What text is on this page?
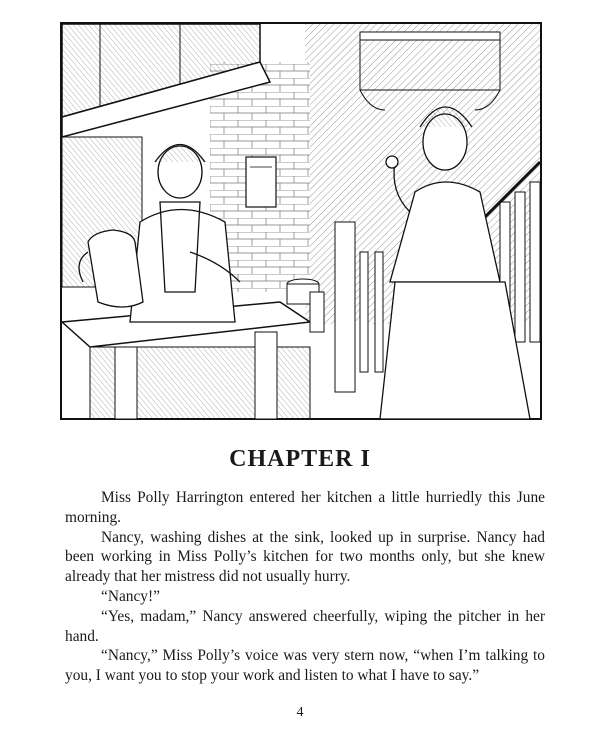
CHAPTER I

Miss Polly Harrington entered her kitchen a little hurriedly this June morning.

Nancy, washing dishes at the sink, looked up in surprise. Nancy had been working in Miss Polly’s kitchen for two months only, but she knew already that her mistress did not usually hurry.

“Nancy!”

“Yes, madam,” Nancy answered cheerfully, wiping the pitcher in her hand.

“Nancy,” Miss Polly’s voice was very stern now, “when I’m talking to you, I want you to stop your work and listen to what I have to say.”

4
